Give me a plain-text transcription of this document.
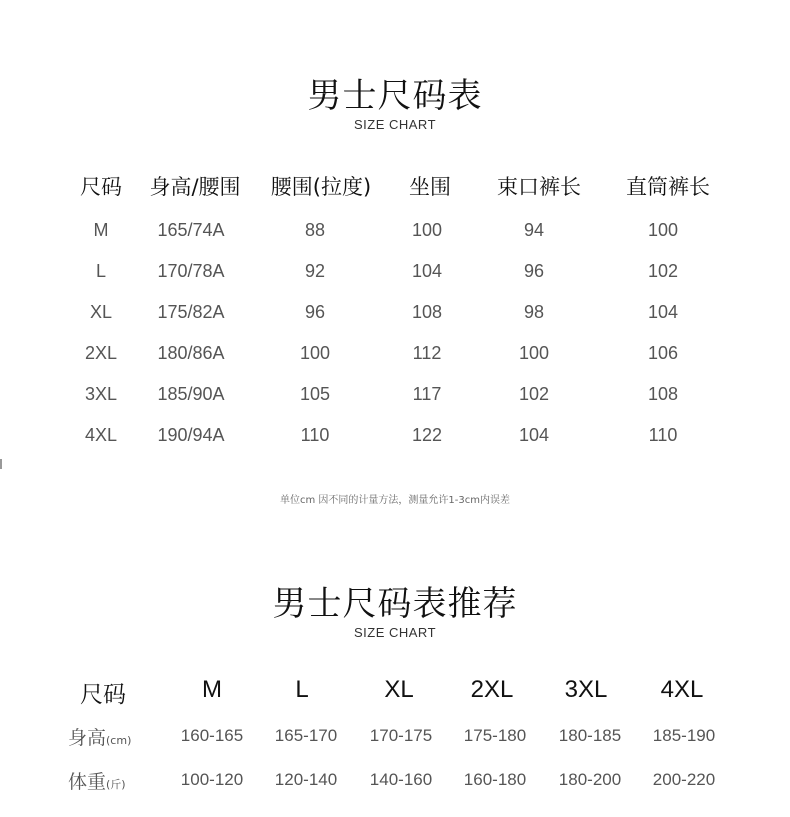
男士尺码表
SIZE CHART
尺码 身高/腰围 腰围(拉度) 坐围 束口裤长 直筒裤长
M	165/74A	88	100	94	100
L	170/78A	92	104	96	102
XL	175/82A	96	108	98	104
2XL 180/86A	100	112	100	106
3XL 185/90A	105	117	102	108
4XL 190/94A	110	122	104	110
单位cm 因不同的计量方法，测量允许1-3cm内误差
男士尺码表推荐
SIZE CHART
尺码	M	L	XL 2XL 3XL 4XL
身高(cm)	160-165 165-170 170-175 175-180 180-185 185-190
体重(斤)	100-120 120-140 140-160 160-180 180-200 200-220
